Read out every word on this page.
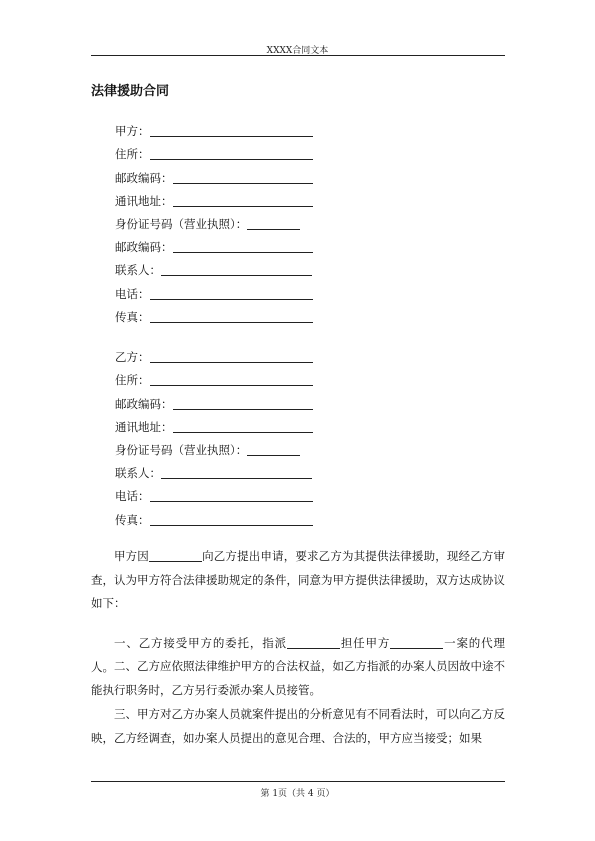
XXXX合同文本
法律援助合同
甲方：
住所：
邮政编码：
通讯地址：
身份证号码（营业执照）：
邮政编码：
联系人：
电话：
传真：
乙方：
住所：
邮政编码：
通讯地址：
身份证号码（营业执照）：
联系人：
电话：
传真：
甲方因	向乙方提出申请，要求乙方为其提供法律援助，现经乙方审查，认为甲方符合法律援助规定的条件，同意为甲方提供法律援助，双方达成协议如下：
一、乙方接受甲方的委托，指派	担任甲方	一案的代理人。 二、乙方应依照法律维护甲方的合法权益，如乙方指派的办案人员因故中途不能执行职务时，乙方另行委派办案人员接管。
三、甲方对乙方办案人员就案件提出的分析意见有不同看法时，可以向乙方反映，乙方经调查，如办案人员提出的意见合理、合法的，甲方应当接受；如果
第 1页（共 4 页）
